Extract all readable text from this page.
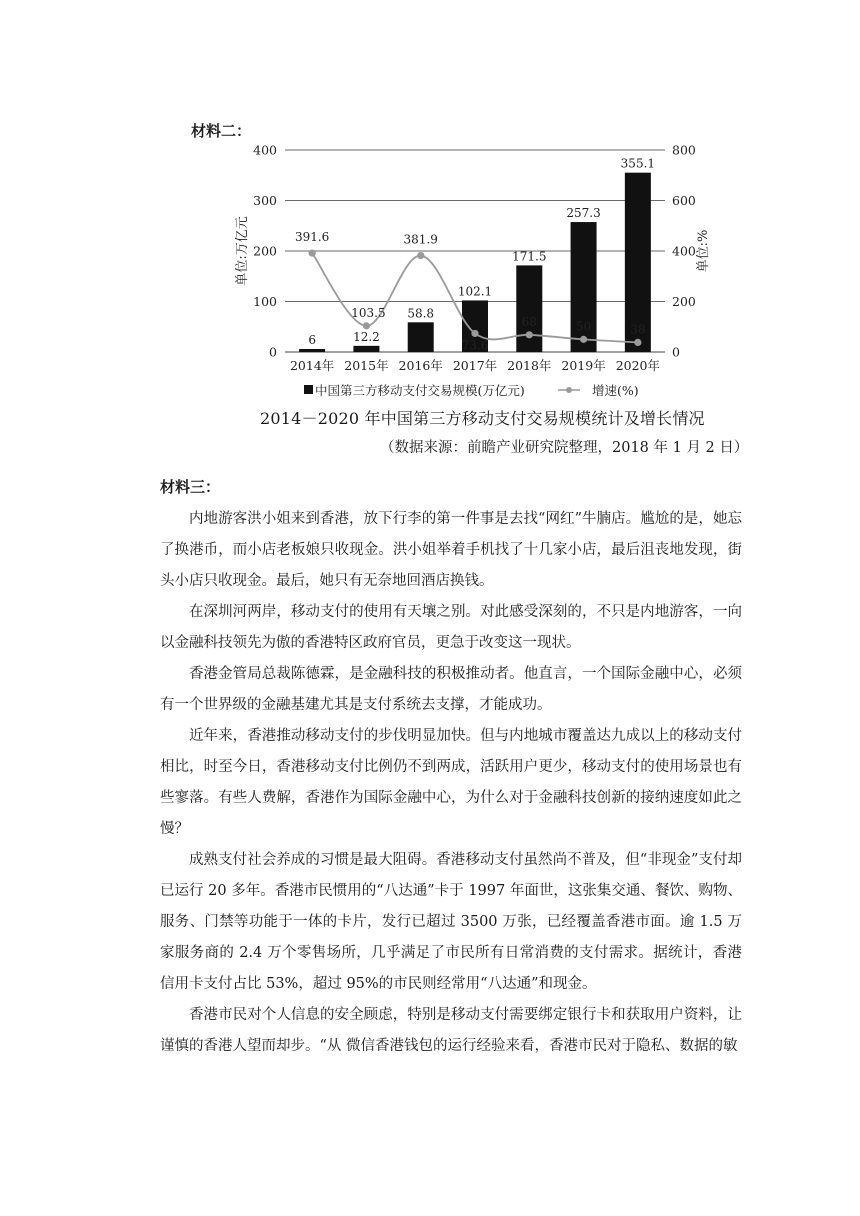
材料二：
0
100
200
300
400
0
200
400
600
800
单位:万亿元	单位:%
6
2014年
12.2
2015年
58.8
2016年
102.1
2017年
171.5
2018年
257.3
2019年
355.1
2020年
391.6
103.5
381.9
73.6
68	50	38
中国第三方移动支付交易规模(万亿元)	增速(%)
2014－2020 年中国第三方移动支付交易规模统计及增长情况
（数据来源：前瞻产业研究院整理，2018 年 1 月 2 日）
材料三：

内地游客洪小姐来到香港，放下行李的第一件事是去找“网红”牛腩店。尴尬的是，她忘了换港币，而小店老板娘只收现金。洪小姐举着手机找了十几家小店，最后沮丧地发现，街头小店只收现金。最后，她只有无奈地回酒店换钱。

在深圳河两岸，移动支付的使用有天壤之别。对此感受深刻的，不只是内地游客，一向以金融科技领先为傲的香港特区政府官员，更急于改变这一现状。

香港金管局总裁陈德霖，是金融科技的积极推动者。他直言，一个国际金融中心，必须有一个世界级的金融基建尤其是支付系统去支撑，才能成功。

近年来，香港推动移动支付的步伐明显加快。但与内地城市覆盖达九成以上的移动支付相比，时至今日，香港移动支付比例仍不到两成，活跃用户更少，移动支付的使用场景也有些寥落。有些人费解，香港作为国际金融中心，为什么对于金融科技创新的接纳速度如此之慢？

成熟支付社会养成的习惯是最大阻碍。香港移动支付虽然尚不普及，但“非现金”支付却已运行 20 多年。香港市民惯用的“八达通”卡于 1997 年面世，这张集交通、餐饮、购物、服务、门禁等功能于一体的卡片，发行已超过 3500 万张，已经覆盖香港市面。逾 1.5 万家服务商的 2.4 万个零售场所，几乎满足了市民所有日常消费的支付需求。据统计，香港信用卡支付占比 53%，超过 95%的市民则经常用“八达通”和现金。

香港市民对个人信息的安全顾虑，特别是移动支付需要绑定银行卡和获取用户资料，让谨慎的香港人望而却步。“从 微信香港钱包的运行经验来看，香港市民对于隐私、数据的敏
